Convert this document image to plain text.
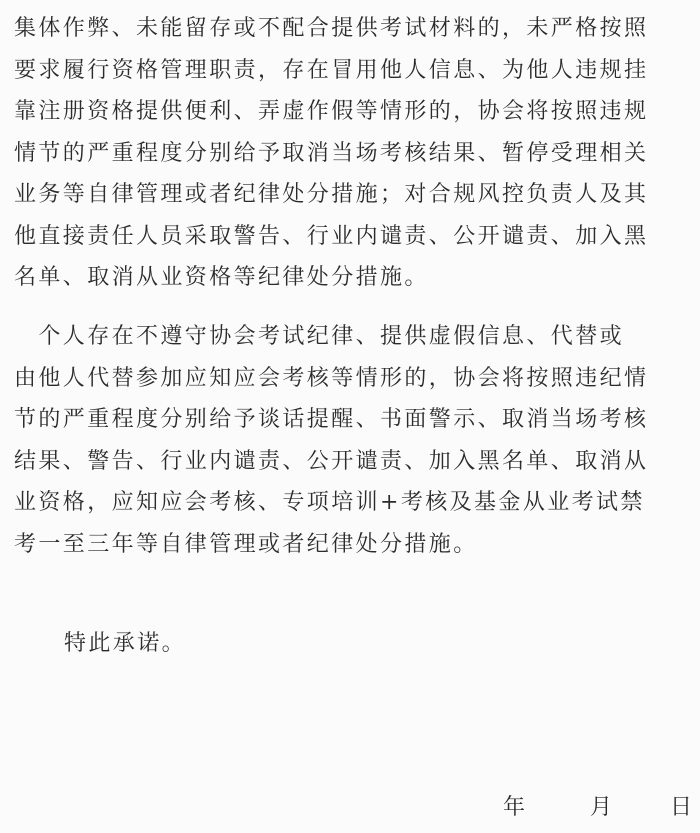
集体作弊、未能留存或不配合提供考试材料的，未严格按照
要求履行资格管理职责，存在冒用他人信息、为他人违规挂
靠注册资格提供便利、弄虚作假等情形的，协会将按照违规
情节的严重程度分别给予取消当场考核结果、暂停受理相关
业务等自律管理或者纪律处分措施；对合规风控负责人及其
他直接责任人员采取警告、行业内谴责、公开谴责、加入黑
名单、取消从业资格等纪律处分措施。
　个人存在不遵守协会考试纪律、提供虚假信息、代替或
由他人代替参加应知应会考核等情形的，协会将按照违纪情
节的严重程度分别给予谈话提醒、书面警示、取消当场考核
结果、警告、行业内谴责、公开谴责、加入黑名单、取消从
业资格，应知应会考核、专项培训+考核及基金从业考试禁
考一至三年等自律管理或者纪律处分措施。
特此承诺。
年	月	日
